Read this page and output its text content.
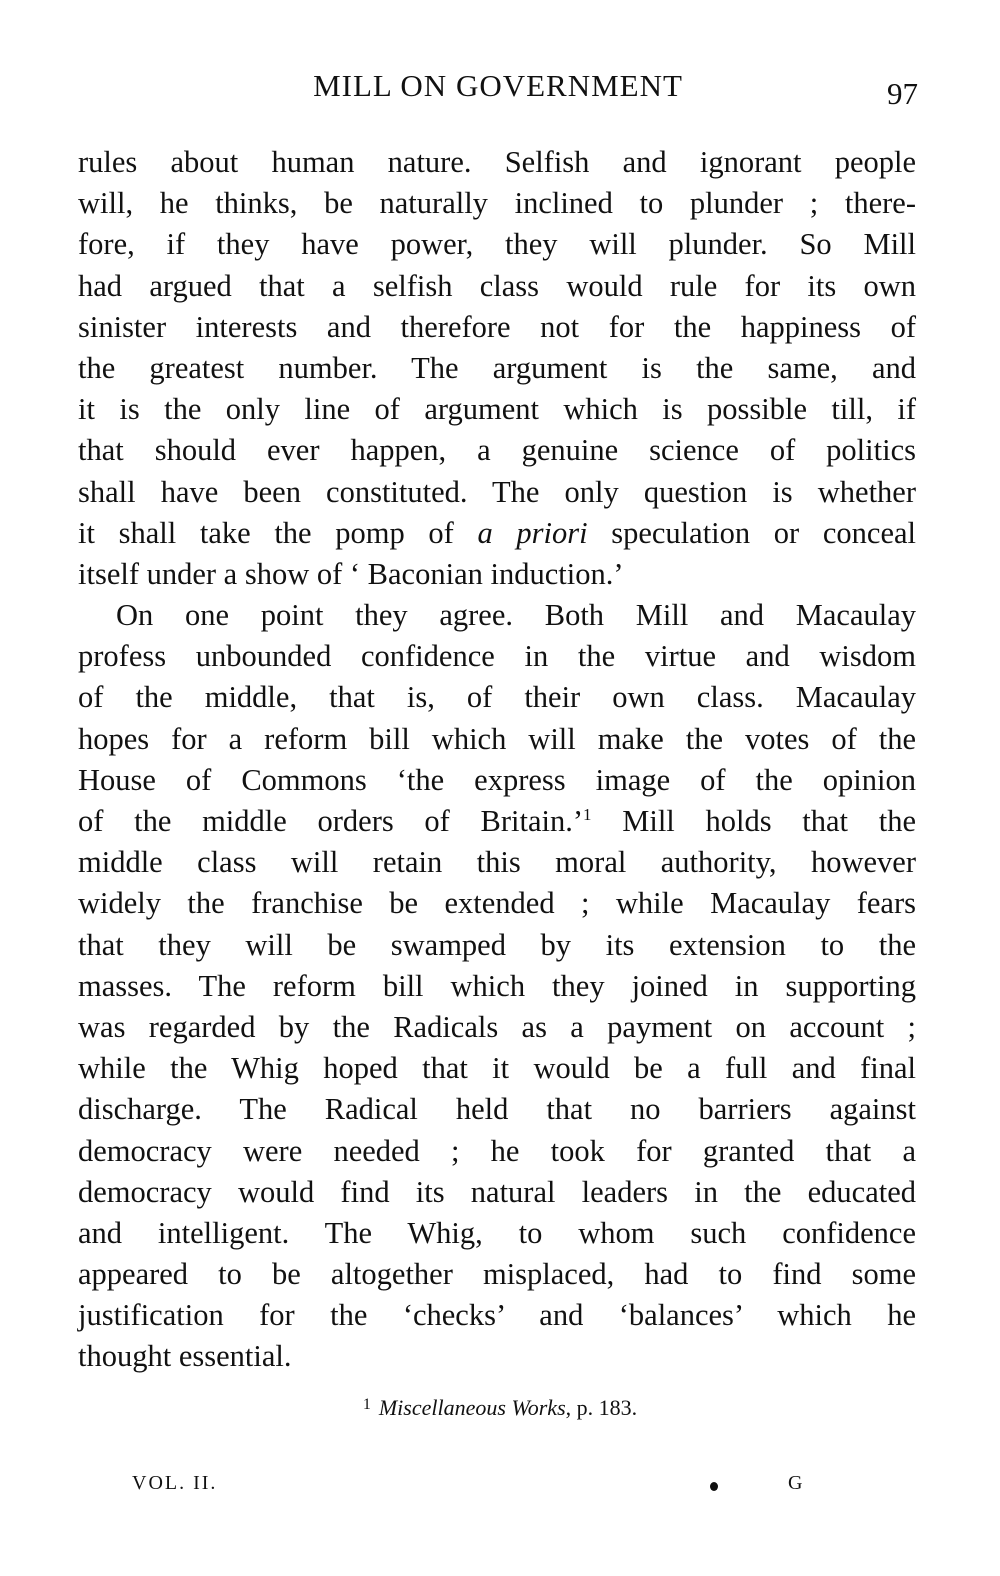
MILL ON GOVERNMENT	97
rules about human nature. Selfish and ignorant people
will, he thinks, be naturally inclined to plunder ; there-
fore, if they have power, they will plunder. So Mill
had argued that a selfish class would rule for its own
sinister interests and therefore not for the happiness of
the greatest number. The argument is the same, and
it is the only line of argument which is possible till, if
that should ever happen, a genuine science of politics
shall have been constituted. The only question is whether
it shall take the pomp of a priori speculation or conceal
itself under a show of ‘ Baconian induction.’
On one point they agree. Both Mill and Macaulay
profess unbounded confidence in the virtue and wisdom
of the middle, that is, of their own class. Macaulay
hopes for a reform bill which will make the votes of the
House of Commons ‘the express image of the opinion
of the middle orders of Britain.’$^1$ Mill holds that the
middle class will retain this moral authority, however
widely the franchise be extended ; while Macaulay fears
that they will be swamped by its extension to the
masses. The reform bill which they joined in supporting
was regarded by the Radicals as a payment on account ;
while the Whig hoped that it would be a full and final
discharge. The Radical held that no barriers against
democracy were needed ; he took for granted that a
democracy would find its natural leaders in the educated
and intelligent. The Whig, to whom such confidence
appeared to be altogether misplaced, had to find some
justification for the ‘checks’ and ‘balances’ which he
thought essential.
$^1$ Miscellaneous Works, p. 183.
VOL. II.	G
